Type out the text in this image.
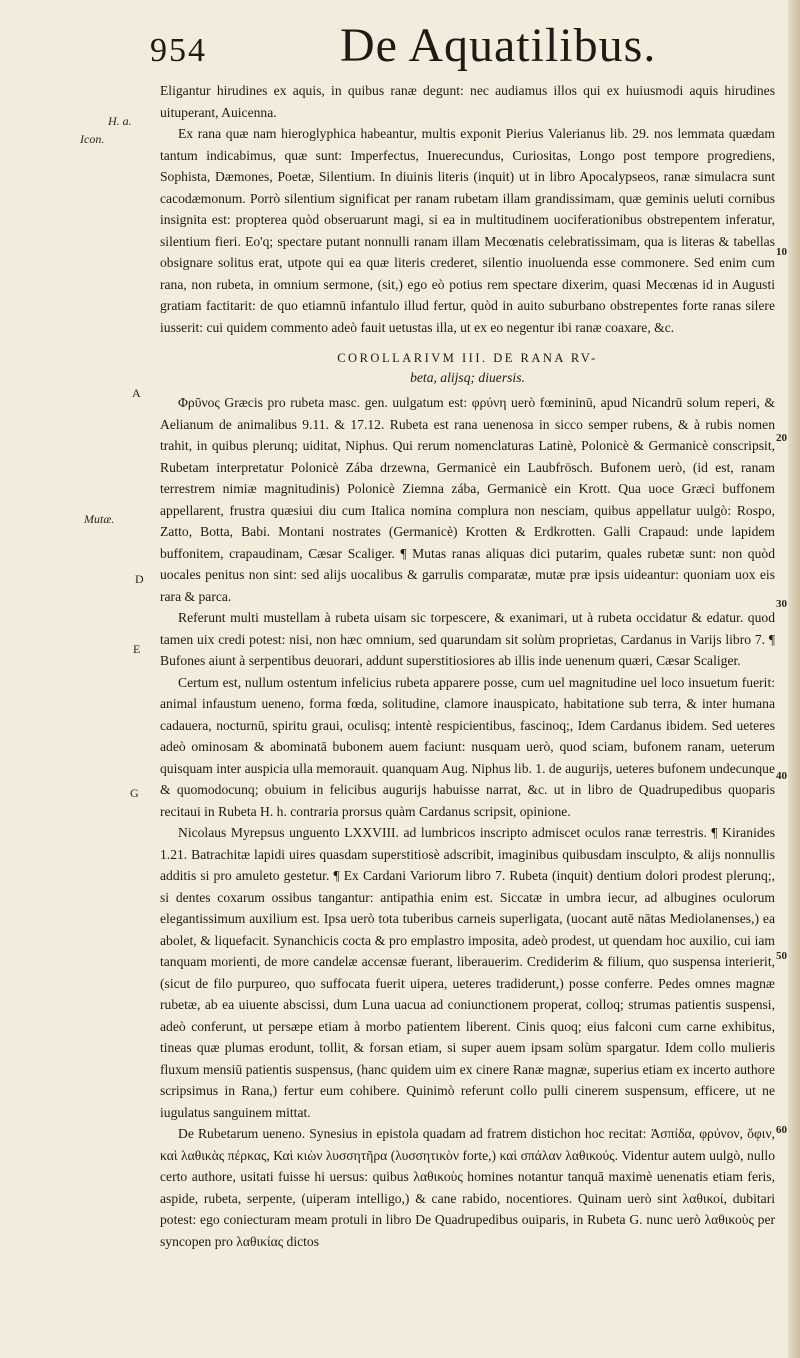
954	De Aquatilibus.
H. a.
Icon.
A
Mutæ.
D
E
G
10
20
30
40
50
60

Eligantur hirudines ex aquis, in quibus ranæ degunt: nec audiamus illos qui ex huiusmodi aquis hirudines uituperant, Auicenna.

Ex rana quæ nam hieroglyphica habeantur, multis exponit Pierius Valerianus lib. 29. nos lemmata quædam tantum indicabimus, quæ sunt: Imperfectus, Inuerecundus, Curiositas, Longo post tempore progrediens, Sophista, Dæmones, Poetæ, Silentium. In diuinis literis (inquit) ut in libro Apocalypseos, ranæ simulacra sunt cacodæmonum. Porrò silentium significat per ranam rubetam illam grandissimam, quæ geminis ueluti cornibus insignita est: propterea quòd obseruarunt magi, si ea in multitudinem uociferationibus obstrepentem inferatur, silentium fieri. Eo'q; spectare putant nonnulli ranam illam Mecœnatis celebratissimam, qua is literas & tabellas obsignare solitus erat, utpote qui ea quæ literis crederet, silentio inuoluenda esse commonere. Sed enim cum rana, non rubeta, in omnium sermone, (sit,) ego eò potius rem spectare dixerim, quasi Mecœnas id in Augusti gratiam factitarit: de quo etiamnū infantulo illud fertur, quòd in auito suburbano obstrepentes forte ranas silere iusserit: cui quidem commento adeò fauit uetustas illa, ut ex eo negentur ibi ranæ coaxare, &c.

COROLLARIVM III. DE RANA RV-
beta, alijsq; diuersis.

Φρῦνος Græcis pro rubeta masc. gen. uulgatum est: φρύνη uerò fœmininū, apud Nicandrū solum reperi, & Aelianum de animalibus 9.11. & 17.12. Rubeta est rana uenenosa in sicco semper rubens, & à rubis nomen trahit, in quibus plerunq; uiditat, Niphus. Qui rerum nomenclaturas Latinè, Polonicè & Germanicè conscripsit, Rubetam interpretatur Polonicè Zába drzewna, Germanicè ein Laubfrösch. Bufonem uerò, (id est, ranam terrestrem nimiæ magnitudinis) Polonicè Ziemna zába, Germanicè ein Krott. Qua uoce Græci buffonem appellarent, frustra quæsiui diu cum Italica nomina complura non nesciam, quibus appellatur uulgò: Rospo, Zatto, Botta, Babi. Montani nostrates (Germanicè) Krotten & Erdkrotten. Galli Crapaud: unde lapidem buffonitem, crapaudinam, Cæsar Scaliger. ¶ Mutas ranas aliquas dici putarim, quales rubetæ sunt: non quòd uocales penitus non sint: sed alijs uocalibus & garrulis comparatæ, mutæ præ ipsis uideantur: quoniam uox eis rara & parca.

Referunt multi mustellam à rubeta uisam sic torpescere, & exanimari, ut à rubeta occidatur & edatur. quod tamen uix credi potest: nisi, non hæc omnium, sed quarundam sit solùm proprietas, Cardanus in Varijs libro 7. ¶ Bufones aiunt à serpentibus deuorari, addunt superstitiosiores ab illis inde uenenum quæri, Cæsar Scaliger.

Certum est, nullum ostentum infelicius rubeta apparere posse, cum uel magnitudine uel loco insuetum fuerit: animal infaustum ueneno, forma fœda, solitudine, clamore inauspicato, habitatione sub terra, & inter humana cadauera, nocturnū, spiritu graui, oculisq; intentè respicientibus, fascinoq;, Idem Cardanus ibidem. Sed ueteres adeò ominosam & abominatā bubonem auem faciunt: nusquam uerò, quod sciam, bufonem ranam, ueterum quisquam inter auspicia ulla memorauit. quanquam Aug. Niphus lib. 1. de augurijs, ueteres bufonem undecunque & quomodocunq; obuium in felicibus augurijs habuisse narrat, &c. ut in libro de Quadrupedibus quoparis recitaui in Rubeta H. h. contraria prorsus quàm Cardanus scripsit, opinione.

Nicolaus Myrepsus unguento LXXVIII. ad lumbricos inscripto admiscet oculos ranæ terrestris. ¶ Kiranides 1.21. Batrachitæ lapidi uires quasdam superstitiosè adscribit, imaginibus quibusdam insculpto, & alijs nonnullis additis si pro amuleto gestetur. ¶ Ex Cardani Variorum libro 7. Rubeta (inquit) dentium dolori prodest plerunq;, si dentes coxarum ossibus tangantur: antipathia enim est. Siccatæ in umbra iecur, ad albugines oculorum elegantissimum auxilium est. Ipsa uerò tota tuberibus carneis superligata, (uocant autē nātas Mediolanenses,) ea abolet, & liquefacit. Synanchicis cocta & pro emplastro imposita, adeò prodest, ut quendam hoc auxilio, cui iam tanquam morienti, de more candelæ accensæ fuerant, liberauerim. Crediderim & filium, quo suspensa interierit, (sicut de filo purpureo, quo suffocata fuerit uipera, ueteres tradiderunt,) posse conferre. Pedes omnes magnæ rubetæ, ab ea uiuente abscissi, dum Luna uacua ad coniunctionem properat, colloq; strumas patientis suspensi, adeò conferunt, ut persæpe etiam à morbo patientem liberent. Cinis quoq; eius falconi cum carne exhibitus, tineas quæ plumas erodunt, tollit, & forsan etiam, si super auem ipsam solùm spargatur. Idem collo mulieris fluxum mensiū patientis suspensus, (hanc quidem uim ex cinere Ranæ magnæ, superius etiam ex incerto authore scripsimus in Rana,) fertur eum cohibere. Quinimò referunt collo pulli cinerem suspensum, efficere, ut ne iugulatus sanguinem mittat.

De Rubetarum ueneno. Synesius in epistola quadam ad fratrem distichon hoc recitat: Ἀσπίδα, φρύνον, ὄφιν, καὶ λαθικὰς πέρκας, Καὶ κιὼν λυσσητῆρα (λυσσητικὸν forte,) καὶ σπάλαν λαθικούς. Videntur autem uulgò, nullo certo authore, usitati fuisse hi uersus: quibus λαθικοὺς homines notantur tanquā maximè uenenatis etiam feris, aspide, rubeta, serpente, (uiperam intelligo,) & cane rabido, nocentiores. Quinam uerò sint λαθικοί, dubitari potest: ego coniecturam meam protuli in libro De Quadrupedibus ouiparis, in Rubeta G. nunc uerò λαθικοὺς per syncopen pro λαθικίας dictos
